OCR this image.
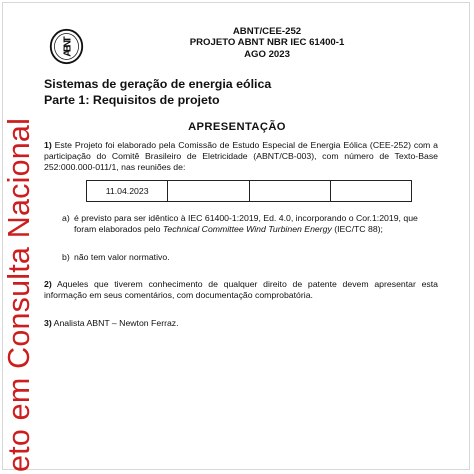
eto em Consulta Nacional
ABNT
ABNT/CEE-252
PROJETO ABNT NBR IEC 61400-1
AGO 2023
Sistemas de geração de energia eólica
Parte 1: Requisitos de projeto
APRESENTAÇÃO
1) Este Projeto foi elaborado pela Comissão de Estudo Especial de Energia Eólica (CEE-252) com a participação do Comitê Brasileiro de Eletricidade (ABNT/CB-003), com número de Texto-Base 252:000.000-011/1, nas reuniões de:
11.04.2023			
a) é previsto para ser idêntico à IEC 61400-1:2019, Ed. 4.0, incorporando o Cor.1:2019, que foram elaborados pelo Technical Committee Wind Turbinen Energy (IEC/TC 88);
b) não tem valor normativo.
2) Aqueles que tiverem conhecimento de qualquer direito de patente devem apresentar esta informação em seus comentários, com documentação comprobatória.
3) Analista ABNT – Newton Ferraz.
